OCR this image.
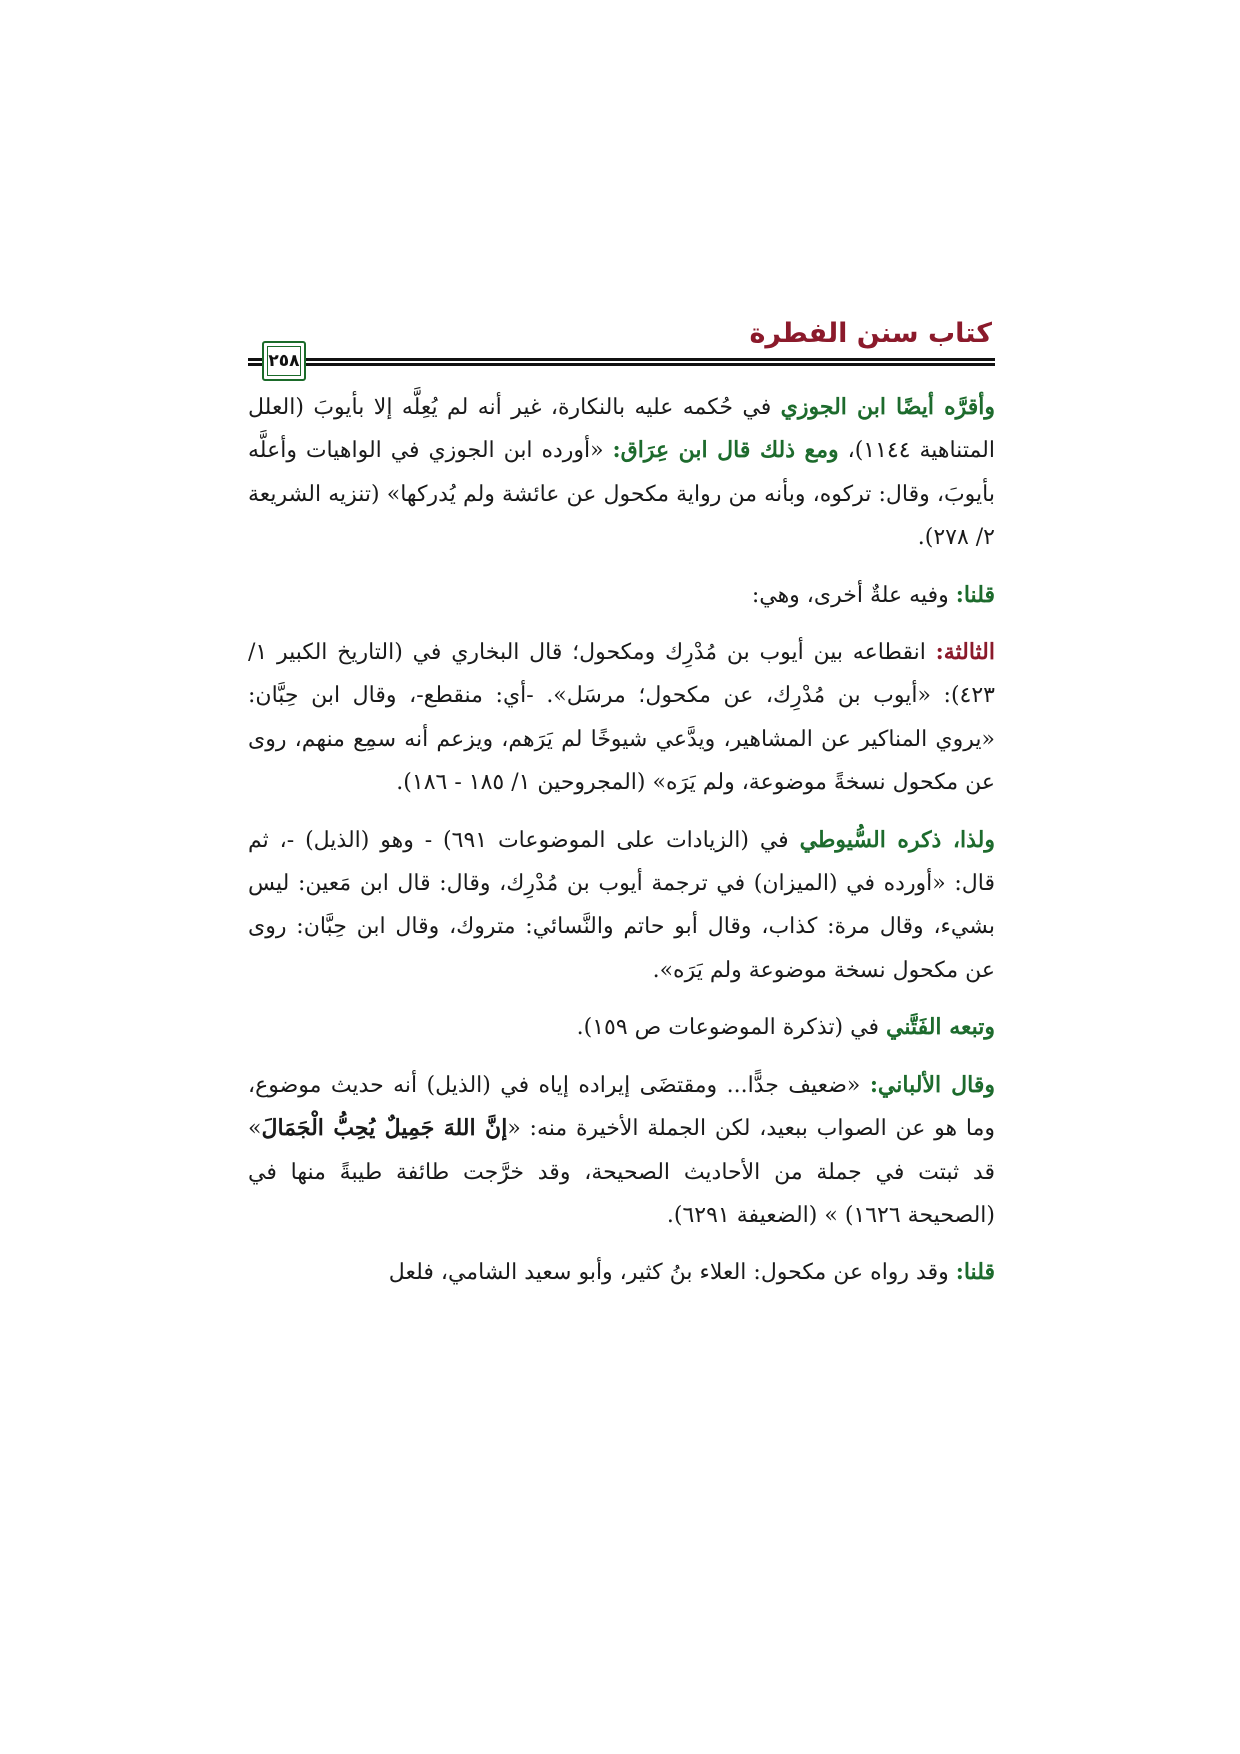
كتاب سنن الفطرة
٢٥٨

وأقرَّه أيضًا ابن الجوزي في حُكمه عليه بالنكارة، غير أنه لم يُعِلَّه إلا بأيوبَ (العلل المتناهية ١١٤٤)، ومع ذلك قال ابن عِرَاق: «أورده ابن الجوزي في الواهيات وأعلَّه بأيوبَ، وقال: تركوه، وبأنه من رواية مكحول عن عائشة ولم يُدركها» (تنزيه الشريعة ٢/ ٢٧٨).

قلنا: وفيه علةٌ أخرى، وهي:

الثالثة: انقطاعه بين أيوب بن مُدْرِك ومكحول؛ قال البخاري في (التاريخ الكبير ١/ ٤٢٣): «أيوب بن مُدْرِك، عن مكحول؛ مرسَل». -أي: منقطع-، وقال ابن حِبَّان: «يروي المناكير عن المشاهير، ويدَّعي شيوخًا لم يَرَهم، ويزعم أنه سمِع منهم، روى عن مكحول نسخةً موضوعة، ولم يَرَه» (المجروحين ١/ ١٨٥ - ١٨٦).

ولذا، ذكره السُّيوطي في (الزيادات على الموضوعات ٦٩١) - وهو (الذيل) -، ثم قال: «أورده في (الميزان) في ترجمة أيوب بن مُدْرِك، وقال: قال ابن مَعين: ليس بشيء، وقال مرة: كذاب، وقال أبو حاتم والنَّسائي: متروك، وقال ابن حِبَّان: روى عن مكحول نسخة موضوعة ولم يَرَه».

وتبعه الفَتَّني في (تذكرة الموضوعات ص ١٥٩).

وقال الألباني: «ضعيف جدًّا... ومقتضَى إيراده إياه في (الذيل) أنه حديث موضوع، وما هو عن الصواب ببعيد، لكن الجملة الأخيرة منه: «إنَّ اللهَ جَمِيلٌ يُحِبُّ الْجَمَالَ» قد ثبتت في جملة من الأحاديث الصحيحة، وقد خرَّجت طائفة طيبةً منها في (الصحيحة ١٦٢٦) » (الضعيفة ٦٢٩١).

قلنا: وقد رواه عن مكحول: العلاء بنُ كثير، وأبو سعيد الشامي، فلعل
